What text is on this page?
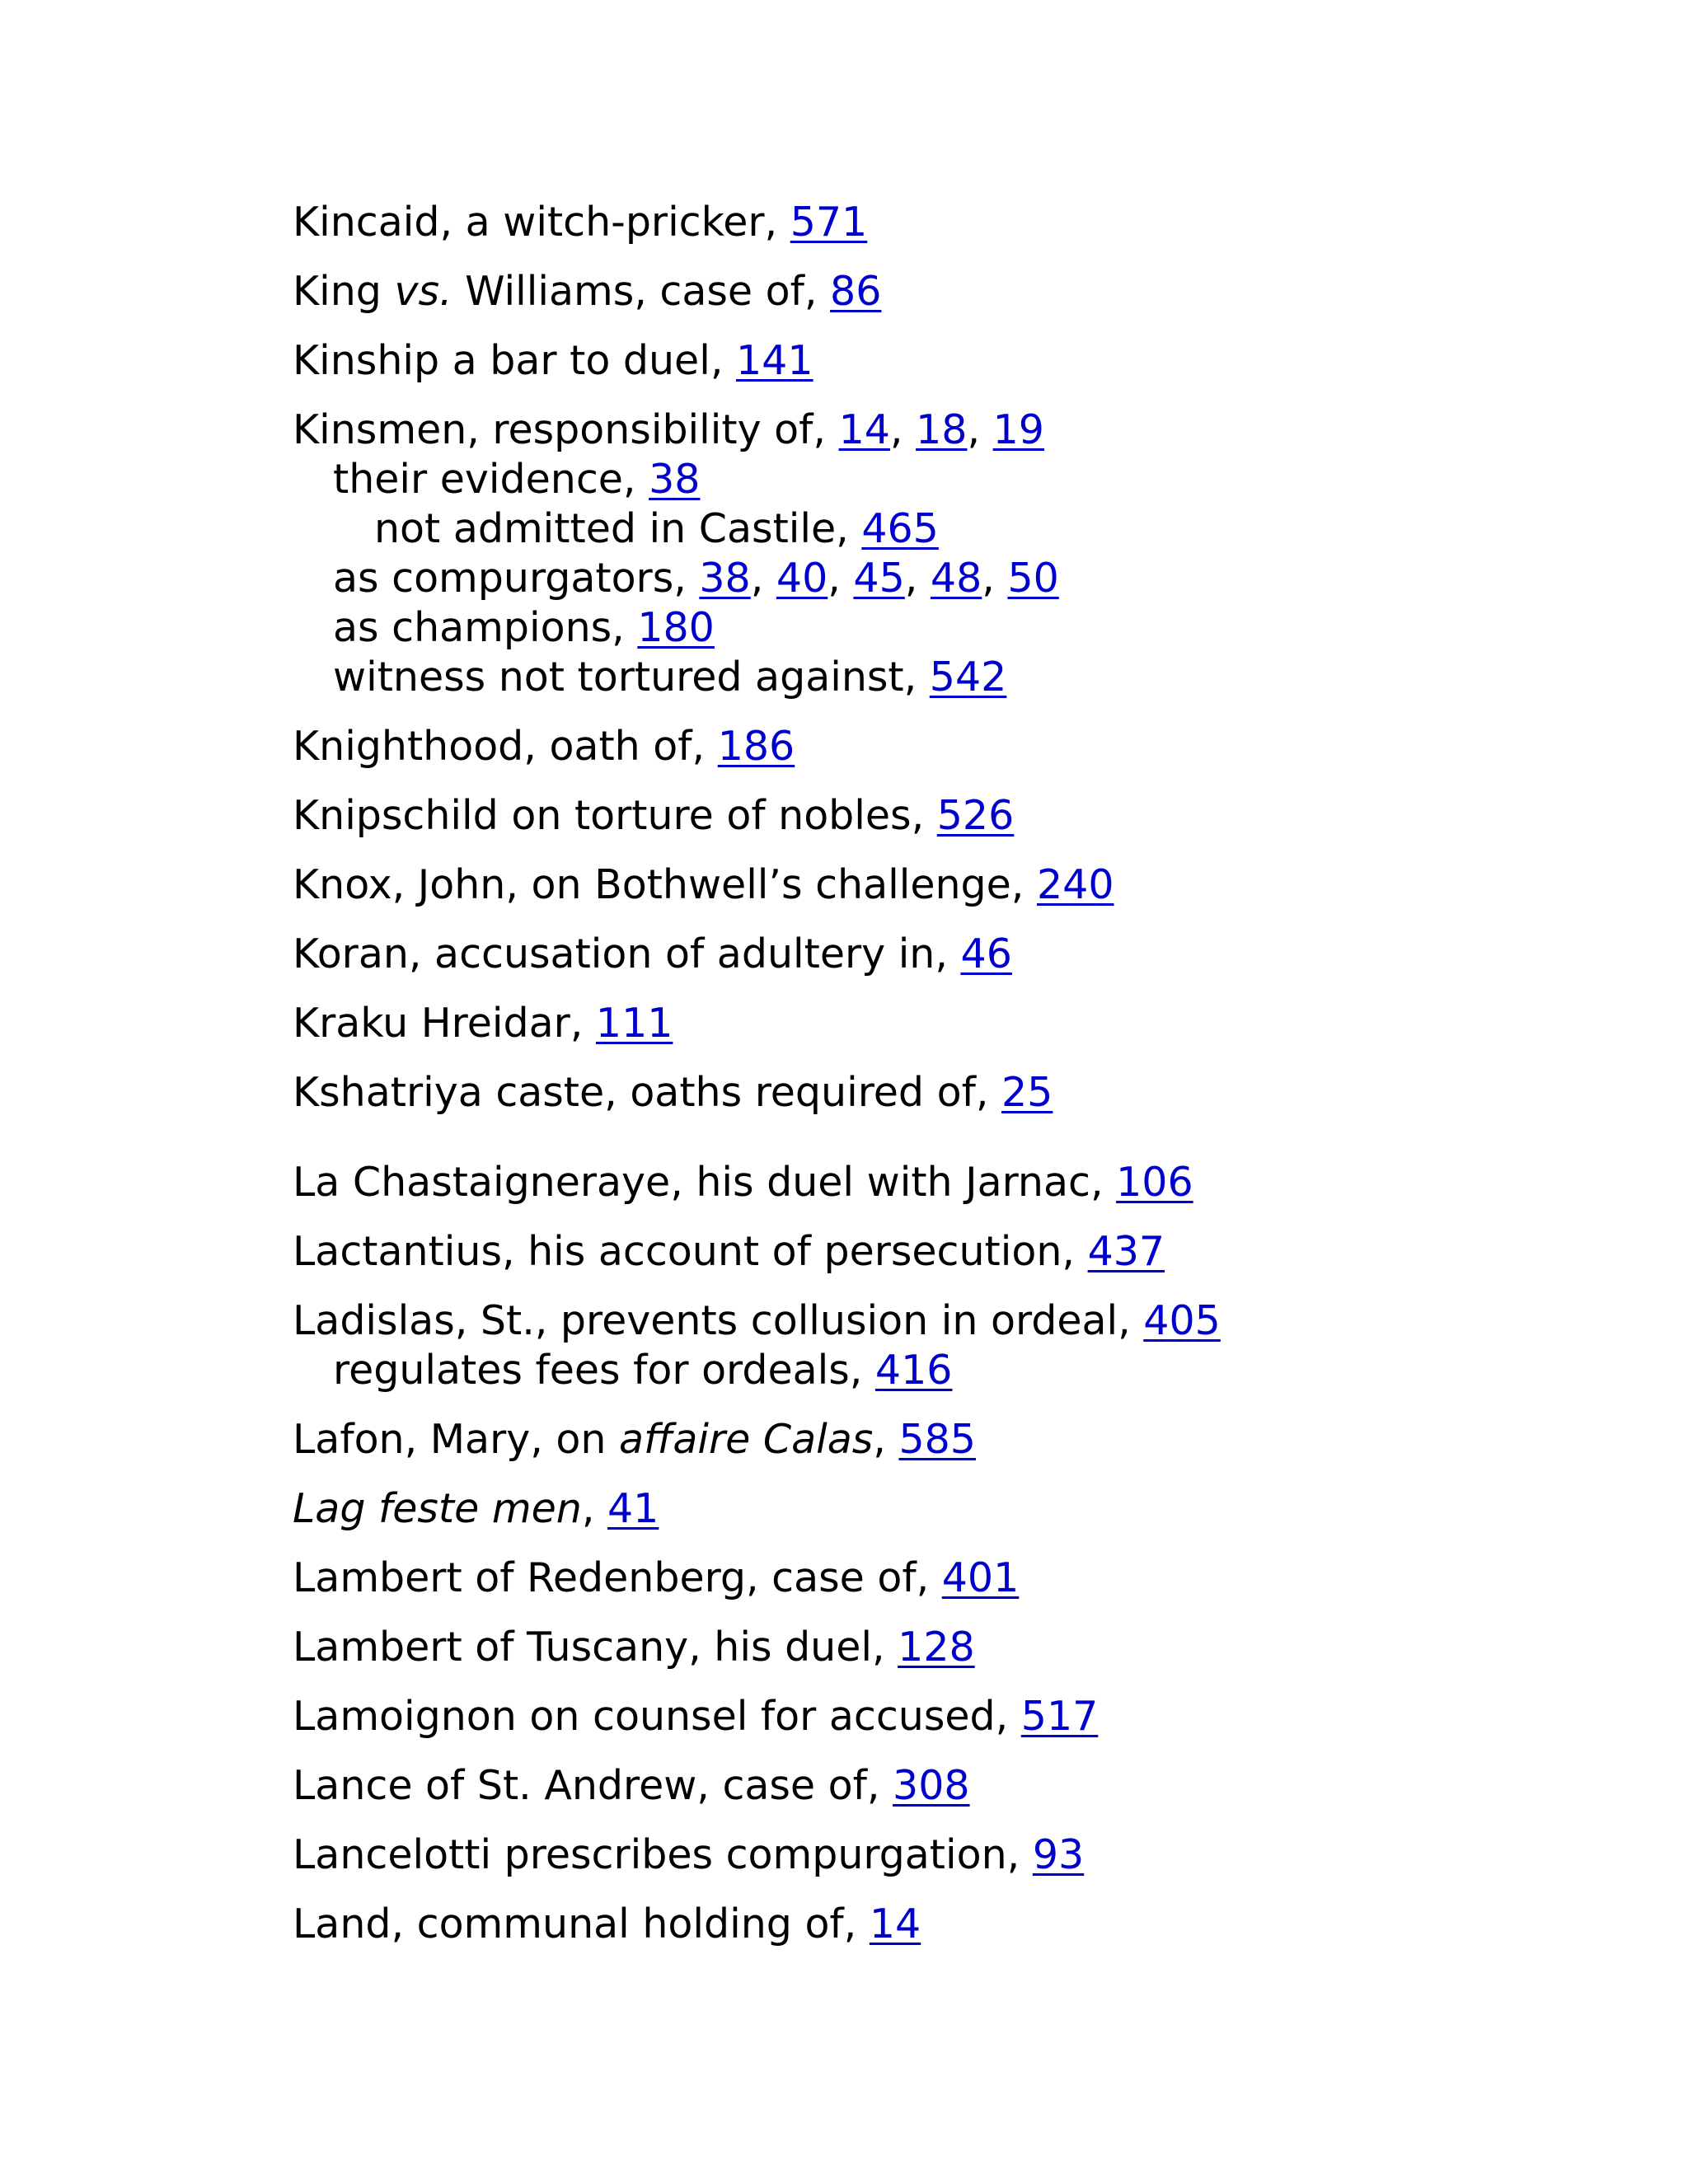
Kincaid, a witch-pricker, 571
King vs. Williams, case of, 86
Kinship a bar to duel, 141
Kinsmen, responsibility of, 14, 18, 19
their evidence, 38
not admitted in Castile, 465
as compurgators, 38, 40, 45, 48, 50
as champions, 180
witness not tortured against, 542
Knighthood, oath of, 186
Knipschild on torture of nobles, 526
Knox, John, on Bothwell’s challenge, 240
Koran, accusation of adultery in, 46
Kraku Hreidar, 111
Kshatriya caste, oaths required of, 25
La Chastaigneraye, his duel with Jarnac, 106
Lactantius, his account of persecution, 437
Ladislas, St., prevents collusion in ordeal, 405
regulates fees for ordeals, 416
Lafon, Mary, on affaire Calas, 585
Lag feste men, 41
Lambert of Redenberg, case of, 401
Lambert of Tuscany, his duel, 128
Lamoignon on counsel for accused, 517
Lance of St. Andrew, case of, 308
Lancelotti prescribes compurgation, 93
Land, communal holding of, 14
